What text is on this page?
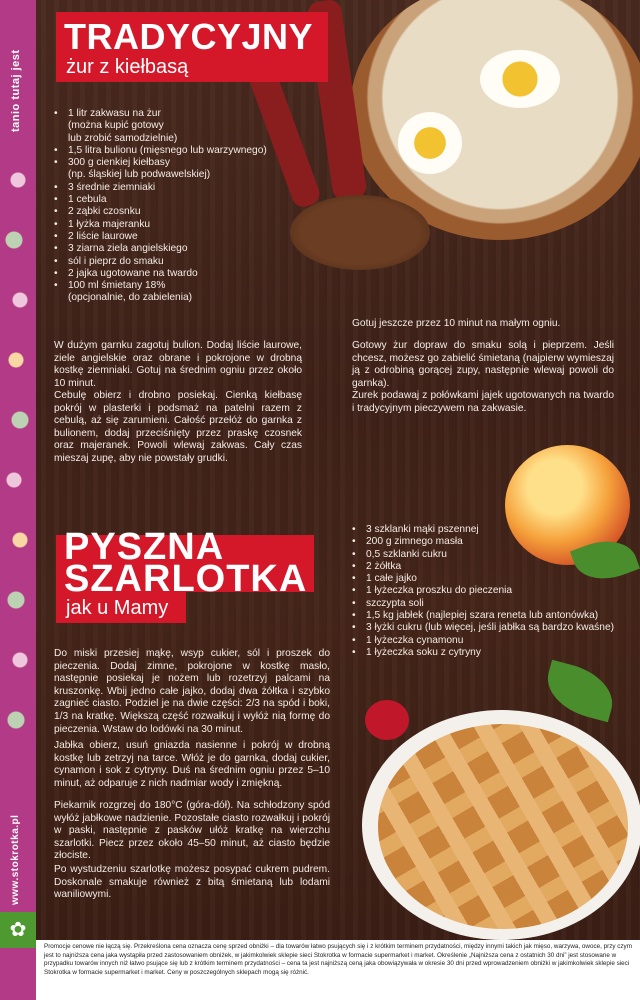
tanio tutaj jest
www.stokrotka.pl
✿
TRADYCYJNY
żur z kiełbasą
• 1 litr zakwasu na żur
(można kupić gotowy
lub zrobić samodzielnie)
• 1,5 litra bulionu (mięsnego lub warzywnego)
• 300 g cienkiej kiełbasy
(np. śląskiej lub podwawelskiej)
• 3 średnie ziemniaki
• 1 cebula
• 2 ząbki czosnku
• 1 łyżka majeranku
• 2 liście laurowe
• 3 ziarna ziela angielskiego
• sól i pieprz do smaku
• 2 jajka ugotowane na twardo
• 100 ml śmietany 18%
(opcjonalnie, do zabielenia)

W dużym garnku zagotuj bulion. Dodaj liście laurowe, ziele angielskie oraz obrane i pokrojone w drobną kostkę ziemniaki. Gotuj na średnim ogniu przez około 10 minut.

Cebulę obierz i drobno posiekaj. Cienką kiełbasę pokrój w plasterki i podsmaż na patelni razem z cebulą, aż się zarumieni. Całość przełóż do garnka z bulionem, dodaj przeciśnięty przez praskę czosnek oraz majeranek. Powoli wlewaj zakwas. Cały czas mieszaj zupę, aby nie powstały grudki.

Gotuj jeszcze przez 10 minut na małym ogniu.

Gotowy żur dopraw do smaku solą i pieprzem. Jeśli chcesz, możesz go zabielić śmietaną (najpierw wymieszaj ją z odrobiną gorącej zupy, następnie wlewaj powoli do garnka).

Żurek podawaj z połówkami jajek ugotowanych na twardo i tradycyjnym pieczywem na zakwasie.

PYSZNA
SZARLOTKA
jak u Mamy
• 3 szklanki mąki pszennej
• 200 g zimnego masła
• 0,5 szklanki cukru
• 2 żółtka
• 1 całe jajko
• 1 łyżeczka proszku do pieczenia
• szczypta soli
• 1,5 kg jabłek (najlepiej szara reneta lub antonówka)
• 3 łyżki cukru (lub więcej, jeśli jabłka są bardzo kwaśne)
• 1 łyżeczka cynamonu
• 1 łyżeczka soku z cytryny

Do miski przesiej mąkę, wsyp cukier, sól i proszek do pieczenia. Dodaj zimne, pokrojone w kostkę masło, następnie posiekaj je nożem lub rozetrzyj palcami na kruszonkę. Wbij jedno całe jajko, dodaj dwa żółtka i szybko zagnieć ciasto. Podziel je na dwie części: 2/3 na spód i boki, 1/3 na kratkę. Większą część rozwałkuj i wyłóż nią formę do pieczenia. Wstaw do lodówki na 30 minut.

Jabłka obierz, usuń gniazda nasienne i pokrój w drobną kostkę lub zetrzyj na tarce. Włóż je do garnka, dodaj cukier, cynamon i sok z cytryny. Duś na średnim ogniu przez 5–10 minut, aż odparuje z nich nadmiar wody i zmiękną.

Piekarnik rozgrzej do 180°C (góra-dół). Na schłodzony spód wyłóż jabłkowe nadzienie. Pozostałe ciasto rozwałkuj i pokrój w paski, następnie z pasków ułóż kratkę na wierzchu szarlotki. Piecz przez około 45–50 minut, aż ciasto będzie złociste.

Po wystudzeniu szarlotkę możesz posypać cukrem pudrem. Doskonale smakuje również z bitą śmietaną lub lodami waniliowymi.

Promocje cenowe nie łączą się. Przekreślona cena oznacza cenę sprzed obniżki – dla towarów łatwo psujących się i z krótkim terminem przydatności, między innymi takich jak mięso, warzywa, owoce, przy czym jest to najniższa cena jaka wystąpiła przed zastosowaniem obniżek, w jakimkolwiek sklepie sieci Stokrotka w formacie supermarket i market. Określenie „Najniższa cena z ostatnich 30 dni” jest stosowane w przypadku towarów innych niż łatwo psujące się lub z krótkim terminem przydatności – cena ta jest najniższą ceną jaka obowiązywała w okresie 30 dni przed wprowadzeniem obniżki w jakimkolwiek sklepie sieci Stokrotka w formacie supermarket i market. Ceny w poszczególnych sklepach mogą się różnić.
